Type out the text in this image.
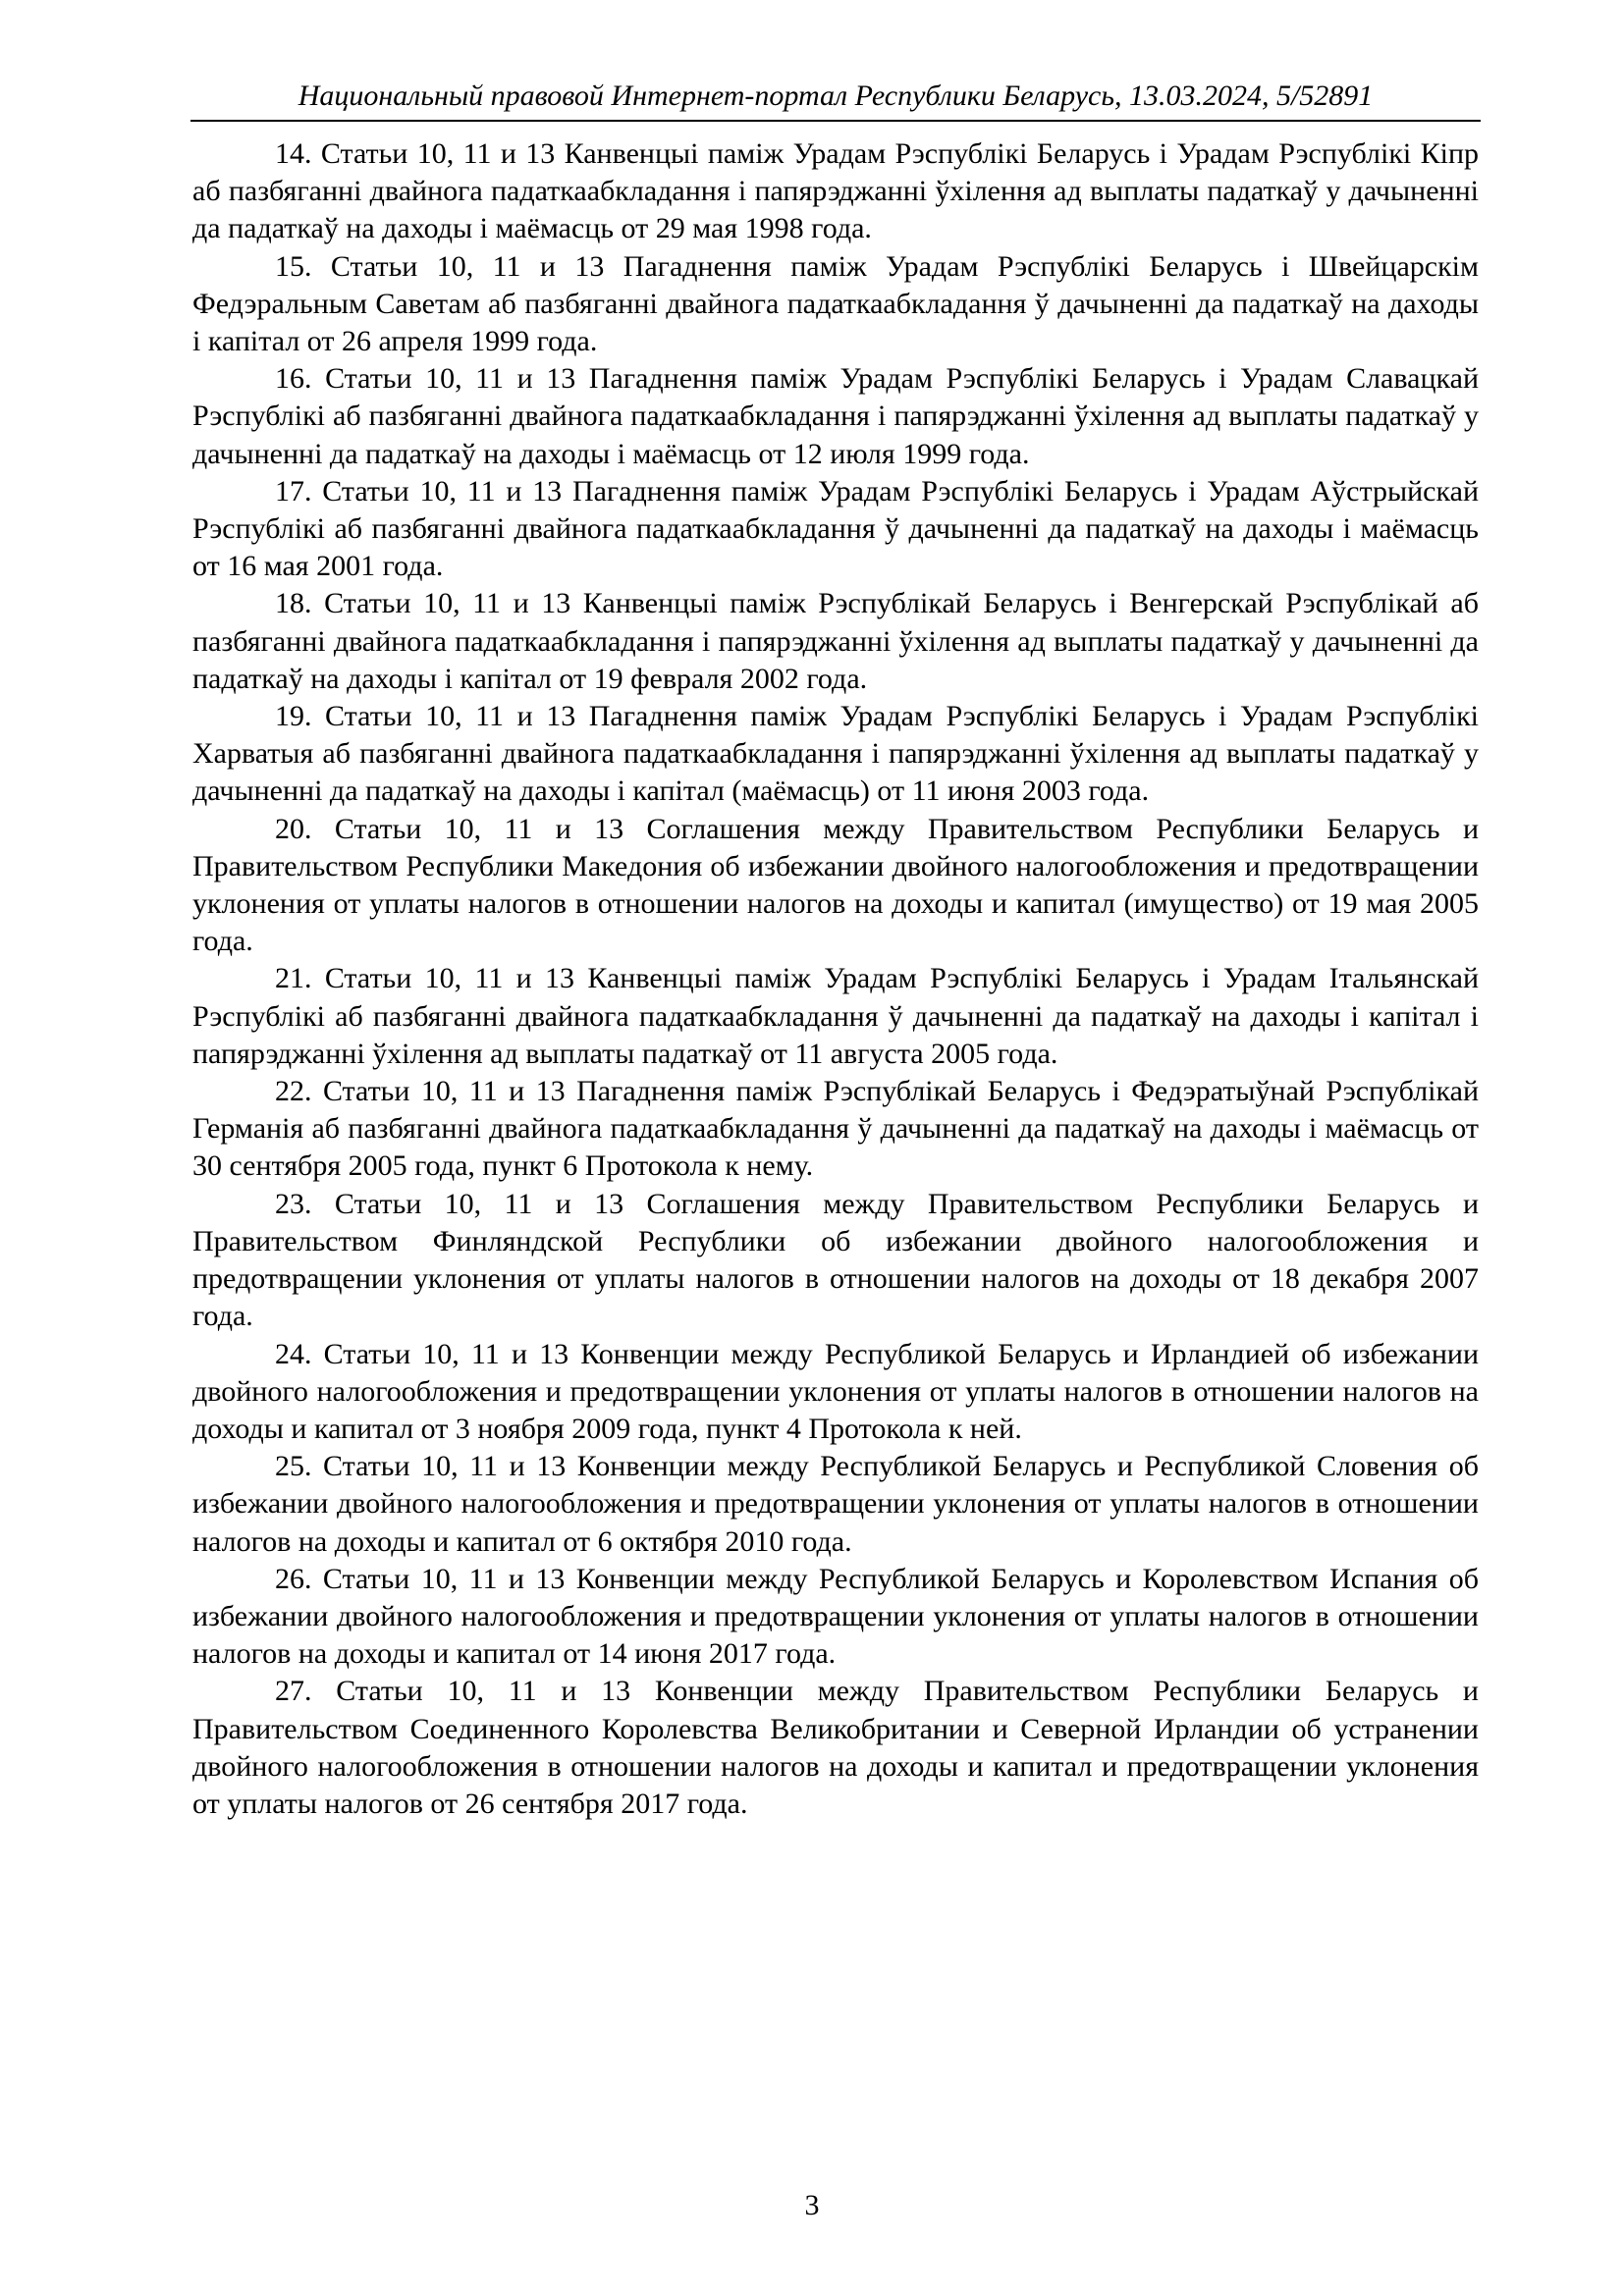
Национальный правовой Интернет-портал Республики Беларусь, 13.03.2024, 5/52891

14. Статьи 10, 11 и 13 Канвенцыі паміж Урадам Рэспублікі Беларусь і Урадам Рэспублікі Кіпр аб пазбяганні двайнога падаткаабкладання і папярэджанні ўхілення ад выплаты падаткаў у дачыненні да падаткаў на даходы і маёмасць от 29 мая 1998 года.

15. Статьи 10, 11 и 13 Пагаднення паміж Урадам Рэспублікі Беларусь і Швейцарскім Федэральным Саветам аб пазбяганні двайнога падаткаабкладання ў дачыненні да падаткаў на даходы і капітал от 26 апреля 1999 года.

16. Статьи 10, 11 и 13 Пагаднення паміж Урадам Рэспублікі Беларусь і Урадам Славацкай Рэспублікі аб пазбяганні двайнога падаткаабкладання і папярэджанні ўхілення ад выплаты падаткаў у дачыненні да падаткаў на даходы і маёмасць от 12 июля 1999 года.

17. Статьи 10, 11 и 13 Пагаднення паміж Урадам Рэспублікі Беларусь і Урадам Аўстрыйскай Рэспублікі аб пазбяганні двайнога падаткаабкладання ў дачыненні да падаткаў на даходы і маёмасць от 16 мая 2001 года.

18. Статьи 10, 11 и 13 Канвенцыі паміж Рэспублікай Беларусь і Венгерскай Рэспублікай аб пазбяганні двайнога падаткаабкладання і папярэджанні ўхілення ад выплаты падаткаў у дачыненні да падаткаў на даходы і капітал от 19 февраля 2002 года.

19. Статьи 10, 11 и 13 Пагаднення паміж Урадам Рэспублікі Беларусь і Урадам Рэспублікі Харватыя аб пазбяганні двайнога падаткаабкладання і папярэджанні ўхілення ад выплаты падаткаў у дачыненні да падаткаў на даходы і капітал (маёмасць) от 11 июня 2003 года.

20. Статьи 10, 11 и 13 Соглашения между Правительством Республики Беларусь и Правительством Республики Македония об избежании двойного налогообложения и предотвращении уклонения от уплаты налогов в отношении налогов на доходы и капитал (имущество) от 19 мая 2005 года.

21. Статьи 10, 11 и 13 Канвенцыі паміж Урадам Рэспублікі Беларусь і Урадам Італьянскай Рэспублікі аб пазбяганні двайнога падаткаабкладання ў дачыненні да падаткаў на даходы і капітал і папярэджанні ўхілення ад выплаты падаткаў от 11 августа 2005 года.

22. Статьи 10, 11 и 13 Пагаднення паміж Рэспублікай Беларусь і Федэратыўнай Рэспублікай Германія аб пазбяганні двайнога падаткаабкладання ў дачыненні да падаткаў на даходы і маёмасць от 30 сентября 2005 года, пункт 6 Протокола к нему.

23. Статьи 10, 11 и 13 Соглашения между Правительством Республики Беларусь и Правительством Финляндской Республики об избежании двойного налогообложения и предотвращении уклонения от уплаты налогов в отношении налогов на доходы от 18 декабря 2007 года.

24. Статьи 10, 11 и 13 Конвенции между Республикой Беларусь и Ирландией об избежании двойного налогообложения и предотвращении уклонения от уплаты налогов в отношении налогов на доходы и капитал от 3 ноября 2009 года, пункт 4 Протокола к ней.

25. Статьи 10, 11 и 13 Конвенции между Республикой Беларусь и Республикой Словения об избежании двойного налогообложения и предотвращении уклонения от уплаты налогов в отношении налогов на доходы и капитал от 6 октября 2010 года.

26. Статьи 10, 11 и 13 Конвенции между Республикой Беларусь и Королевством Испания об избежании двойного налогообложения и предотвращении уклонения от уплаты налогов в отношении налогов на доходы и капитал от 14 июня 2017 года.

27. Статьи 10, 11 и 13 Конвенции между Правительством Республики Беларусь и Правительством Соединенного Королевства Великобритании и Северной Ирландии об устранении двойного налогообложения в отношении налогов на доходы и капитал и предотвращении уклонения от уплаты налогов от 26 сентября 2017 года.

3
